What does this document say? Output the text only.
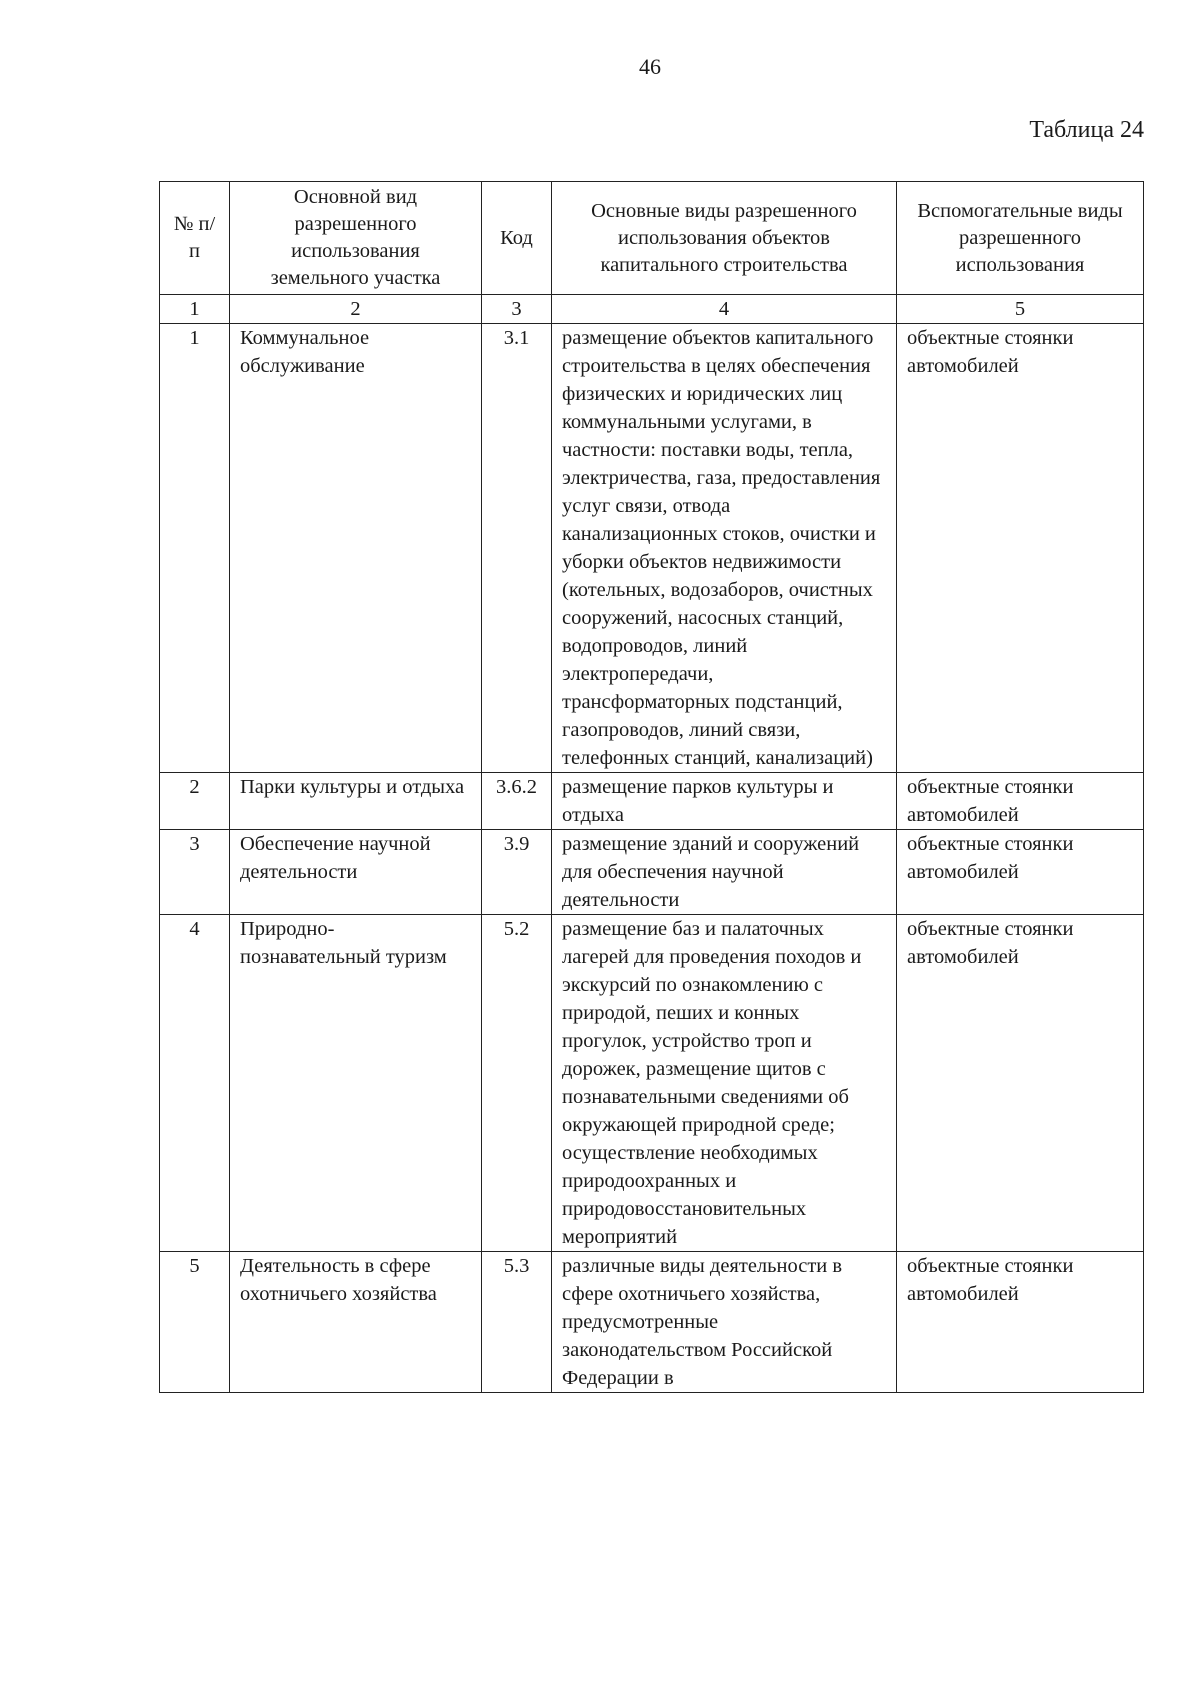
46
Таблица 24
№ п/п	Основной вид разрешенного использования земельного участка	Код	Основные виды разрешенного использования объектов капитального строительства	Вспомогательные виды разрешенного использования
1	2	3	4	5
1	Коммунальное обслуживание	3.1	размещение объектов капитального строительства в целях обеспечения физических и юридических лиц коммунальными услугами, в частности: поставки воды, тепла, электричества, газа, предоставления услуг связи, отвода канализационных стоков, очистки и уборки объектов недвижимости (котельных, водозаборов, очистных сооружений, насосных станций, водопроводов, линий электропередачи, трансформаторных подстанций, газопроводов, линий связи, телефонных станций, канализаций)	объектные стоянки автомобилей
2	Парки культуры и отдыха	3.6.2	размещение парков культуры и отдыха	объектные стоянки автомобилей
3	Обеспечение научной деятельности	3.9	размещение зданий и сооружений для обеспечения научной деятельности	объектные стоянки автомобилей
4	Природно-познавательный туризм	5.2	размещение баз и палаточных лагерей для проведения походов и экскурсий по ознакомлению с природой, пеших и конных прогулок, устройство троп и дорожек, размещение щитов с познавательными сведениями об окружающей природной среде; осуществление необходимых природоохранных и природовосстановительных мероприятий	объектные стоянки автомобилей
5	Деятельность в сфере охотничьего хозяйства	5.3	различные виды деятельности в сфере охотничьего хозяйства, предусмотренные законодательством Российской Федерации в	объектные стоянки автомобилей
